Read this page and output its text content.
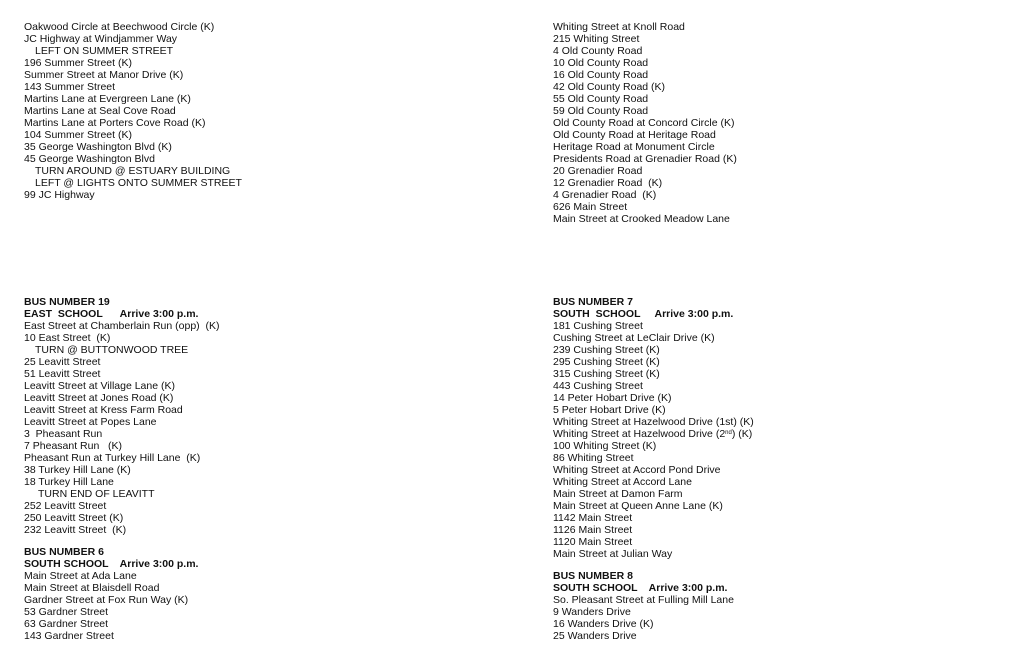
Oakwood Circle at Beechwood Circle (K)
JC Highway at Windjammer Way
LEFT ON SUMMER STREET
196 Summer Street (K)
Summer Street at Manor Drive (K)
143 Summer Street
Martins Lane at Evergreen Lane (K)
Martins Lane at Seal Cove Road
Martins Lane at Porters Cove Road (K)
104 Summer Street (K)
35 George Washington Blvd (K)
45 George Washington Blvd
TURN AROUND @ ESTUARY BUILDING
LEFT @ LIGHTS ONTO SUMMER STREET
99 JC Highway
Whiting Street at Knoll Road
215 Whiting Street
4 Old County Road
10 Old County Road
16 Old County Road
42 Old County Road (K)
55 Old County Road
59 Old County Road
Old County Road at Concord Circle (K)
Old County Road at Heritage Road
Heritage Road at Monument Circle
Presidents Road at Grenadier Road (K)
20 Grenadier Road
12 Grenadier Road  (K)
4 Grenadier Road  (K)
626 Main Street
Main Street at Crooked Meadow Lane
BUS NUMBER 19
EAST  SCHOOL      Arrive 3:00 p.m.
East Street at Chamberlain Run (opp)  (K)
10 East Street  (K)
TURN @ BUTTONWOOD TREE
25 Leavitt Street
51 Leavitt Street
Leavitt Street at Village Lane (K)
Leavitt Street at Jones Road (K)
Leavitt Street at Kress Farm Road
Leavitt Street at Popes Lane
3  Pheasant Run
7 Pheasant Run   (K)
Pheasant Run at Turkey Hill Lane  (K)
38 Turkey Hill Lane (K)
18 Turkey Hill Lane
TURN END OF LEAVITT
252 Leavitt Street
250 Leavitt Street (K)
232 Leavitt Street  (K)
BUS NUMBER 6
SOUTH SCHOOL    Arrive 3:00 p.m.
Main Street at Ada Lane
Main Street at Blaisdell Road
Gardner Street at Fox Run Way (K)
53 Gardner Street
63 Gardner Street
143 Gardner Street
BUS NUMBER 7
SOUTH  SCHOOL     Arrive 3:00 p.m.
181 Cushing Street
Cushing Street at LeClair Drive (K)
239 Cushing Street (K)
295 Cushing Street (K)
315 Cushing Street (K)
443 Cushing Street
14 Peter Hobart Drive (K)
5 Peter Hobart Drive (K)
Whiting Street at Hazelwood Drive (1st) (K)
Whiting Street at Hazelwood Drive (2nd) (K)
100 Whiting Street (K)
86 Whiting Street
Whiting Street at Accord Pond Drive
Whiting Street at Accord Lane
Main Street at Damon Farm
Main Street at Queen Anne Lane (K)
1142 Main Street
1126 Main Street
1120 Main Street
Main Street at Julian Way
BUS NUMBER 8
SOUTH SCHOOL    Arrive 3:00 p.m.
So. Pleasant Street at Fulling Mill Lane
9 Wanders Drive
16 Wanders Drive (K)
25 Wanders Drive
